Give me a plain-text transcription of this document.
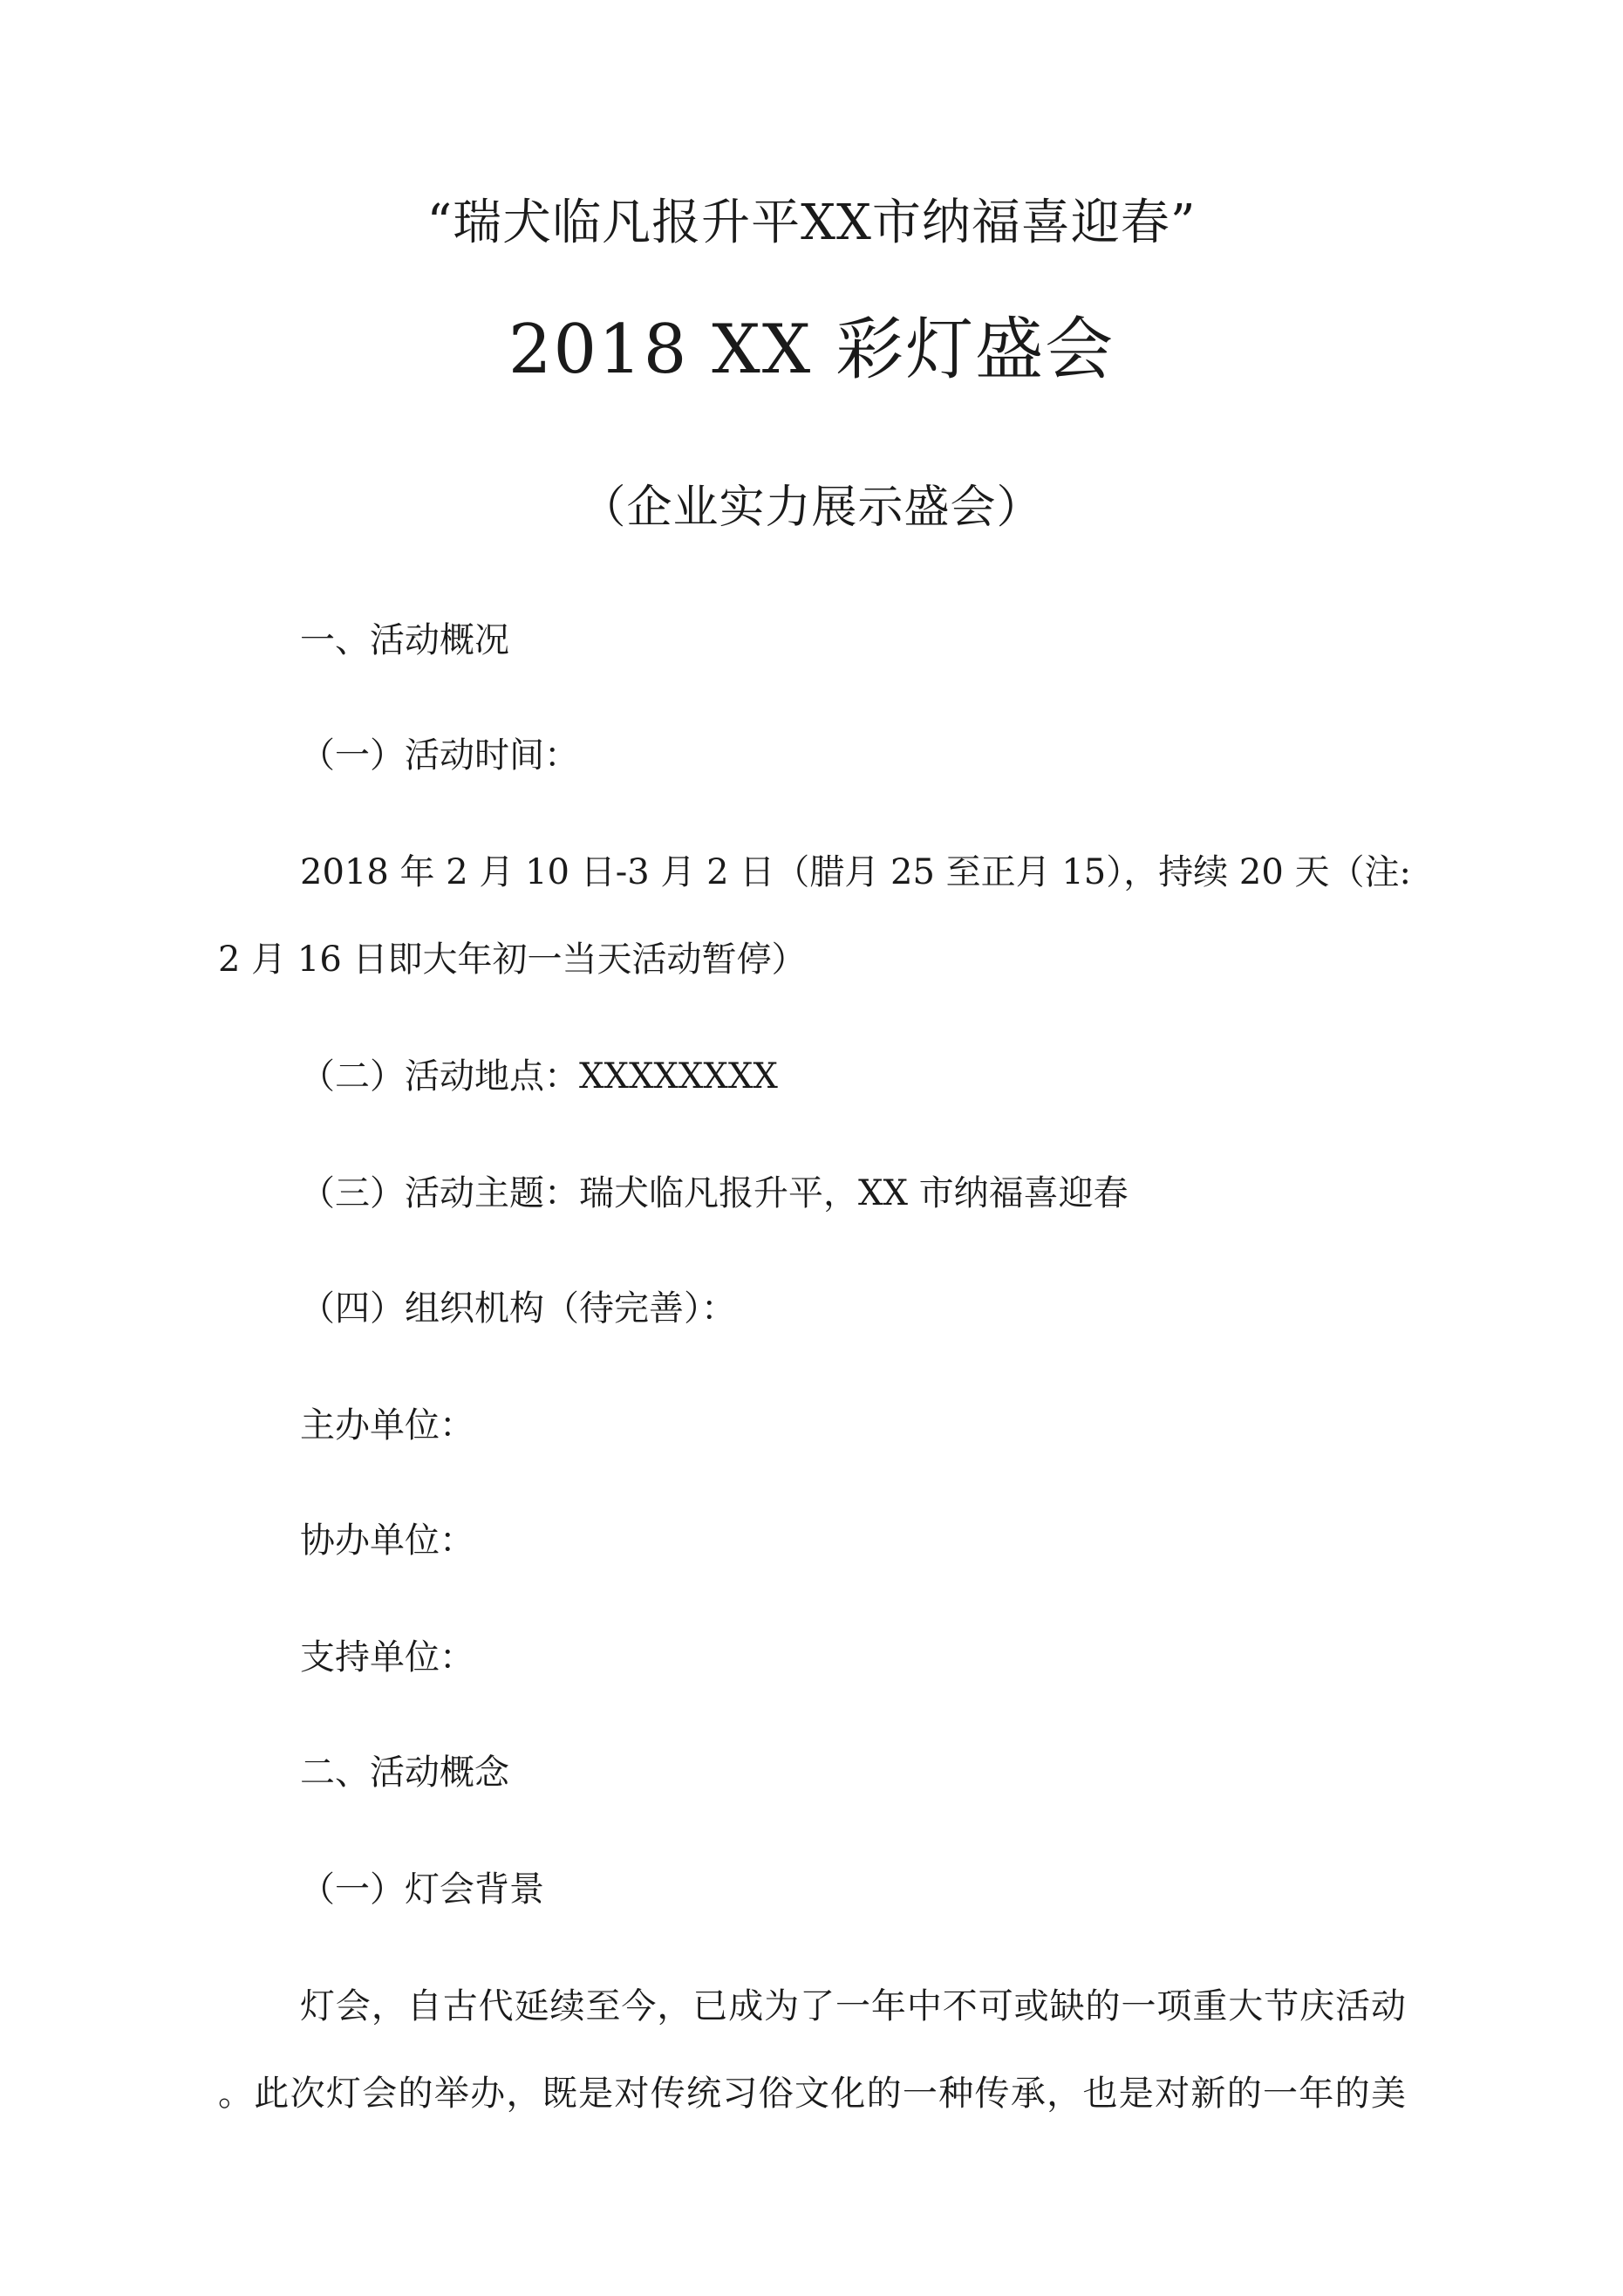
“瑞犬临凡报升平XX市纳福喜迎春”
2018 XX 彩灯盛会
（企业实力展示盛会）
一、活动概况
（一）活动时间：
2018 年 2 月 10 日-3 月 2 日（腊月 25 至正月 15），持续 20 天（注:
2 月 16 日即大年初一当天活动暂停）
（二）活动地点：XXXXXXXX
（三）活动主题：瑞犬临凡报升平，XX 市纳福喜迎春
（四）组织机构（待完善）：
主办单位：
协办单位：
支持单位：
二、活动概念
（一）灯会背景
灯会，自古代延续至今，已成为了一年中不可或缺的一项重大节庆活动
。此次灯会的举办，既是对传统习俗文化的一种传承，也是对新的一年的美
